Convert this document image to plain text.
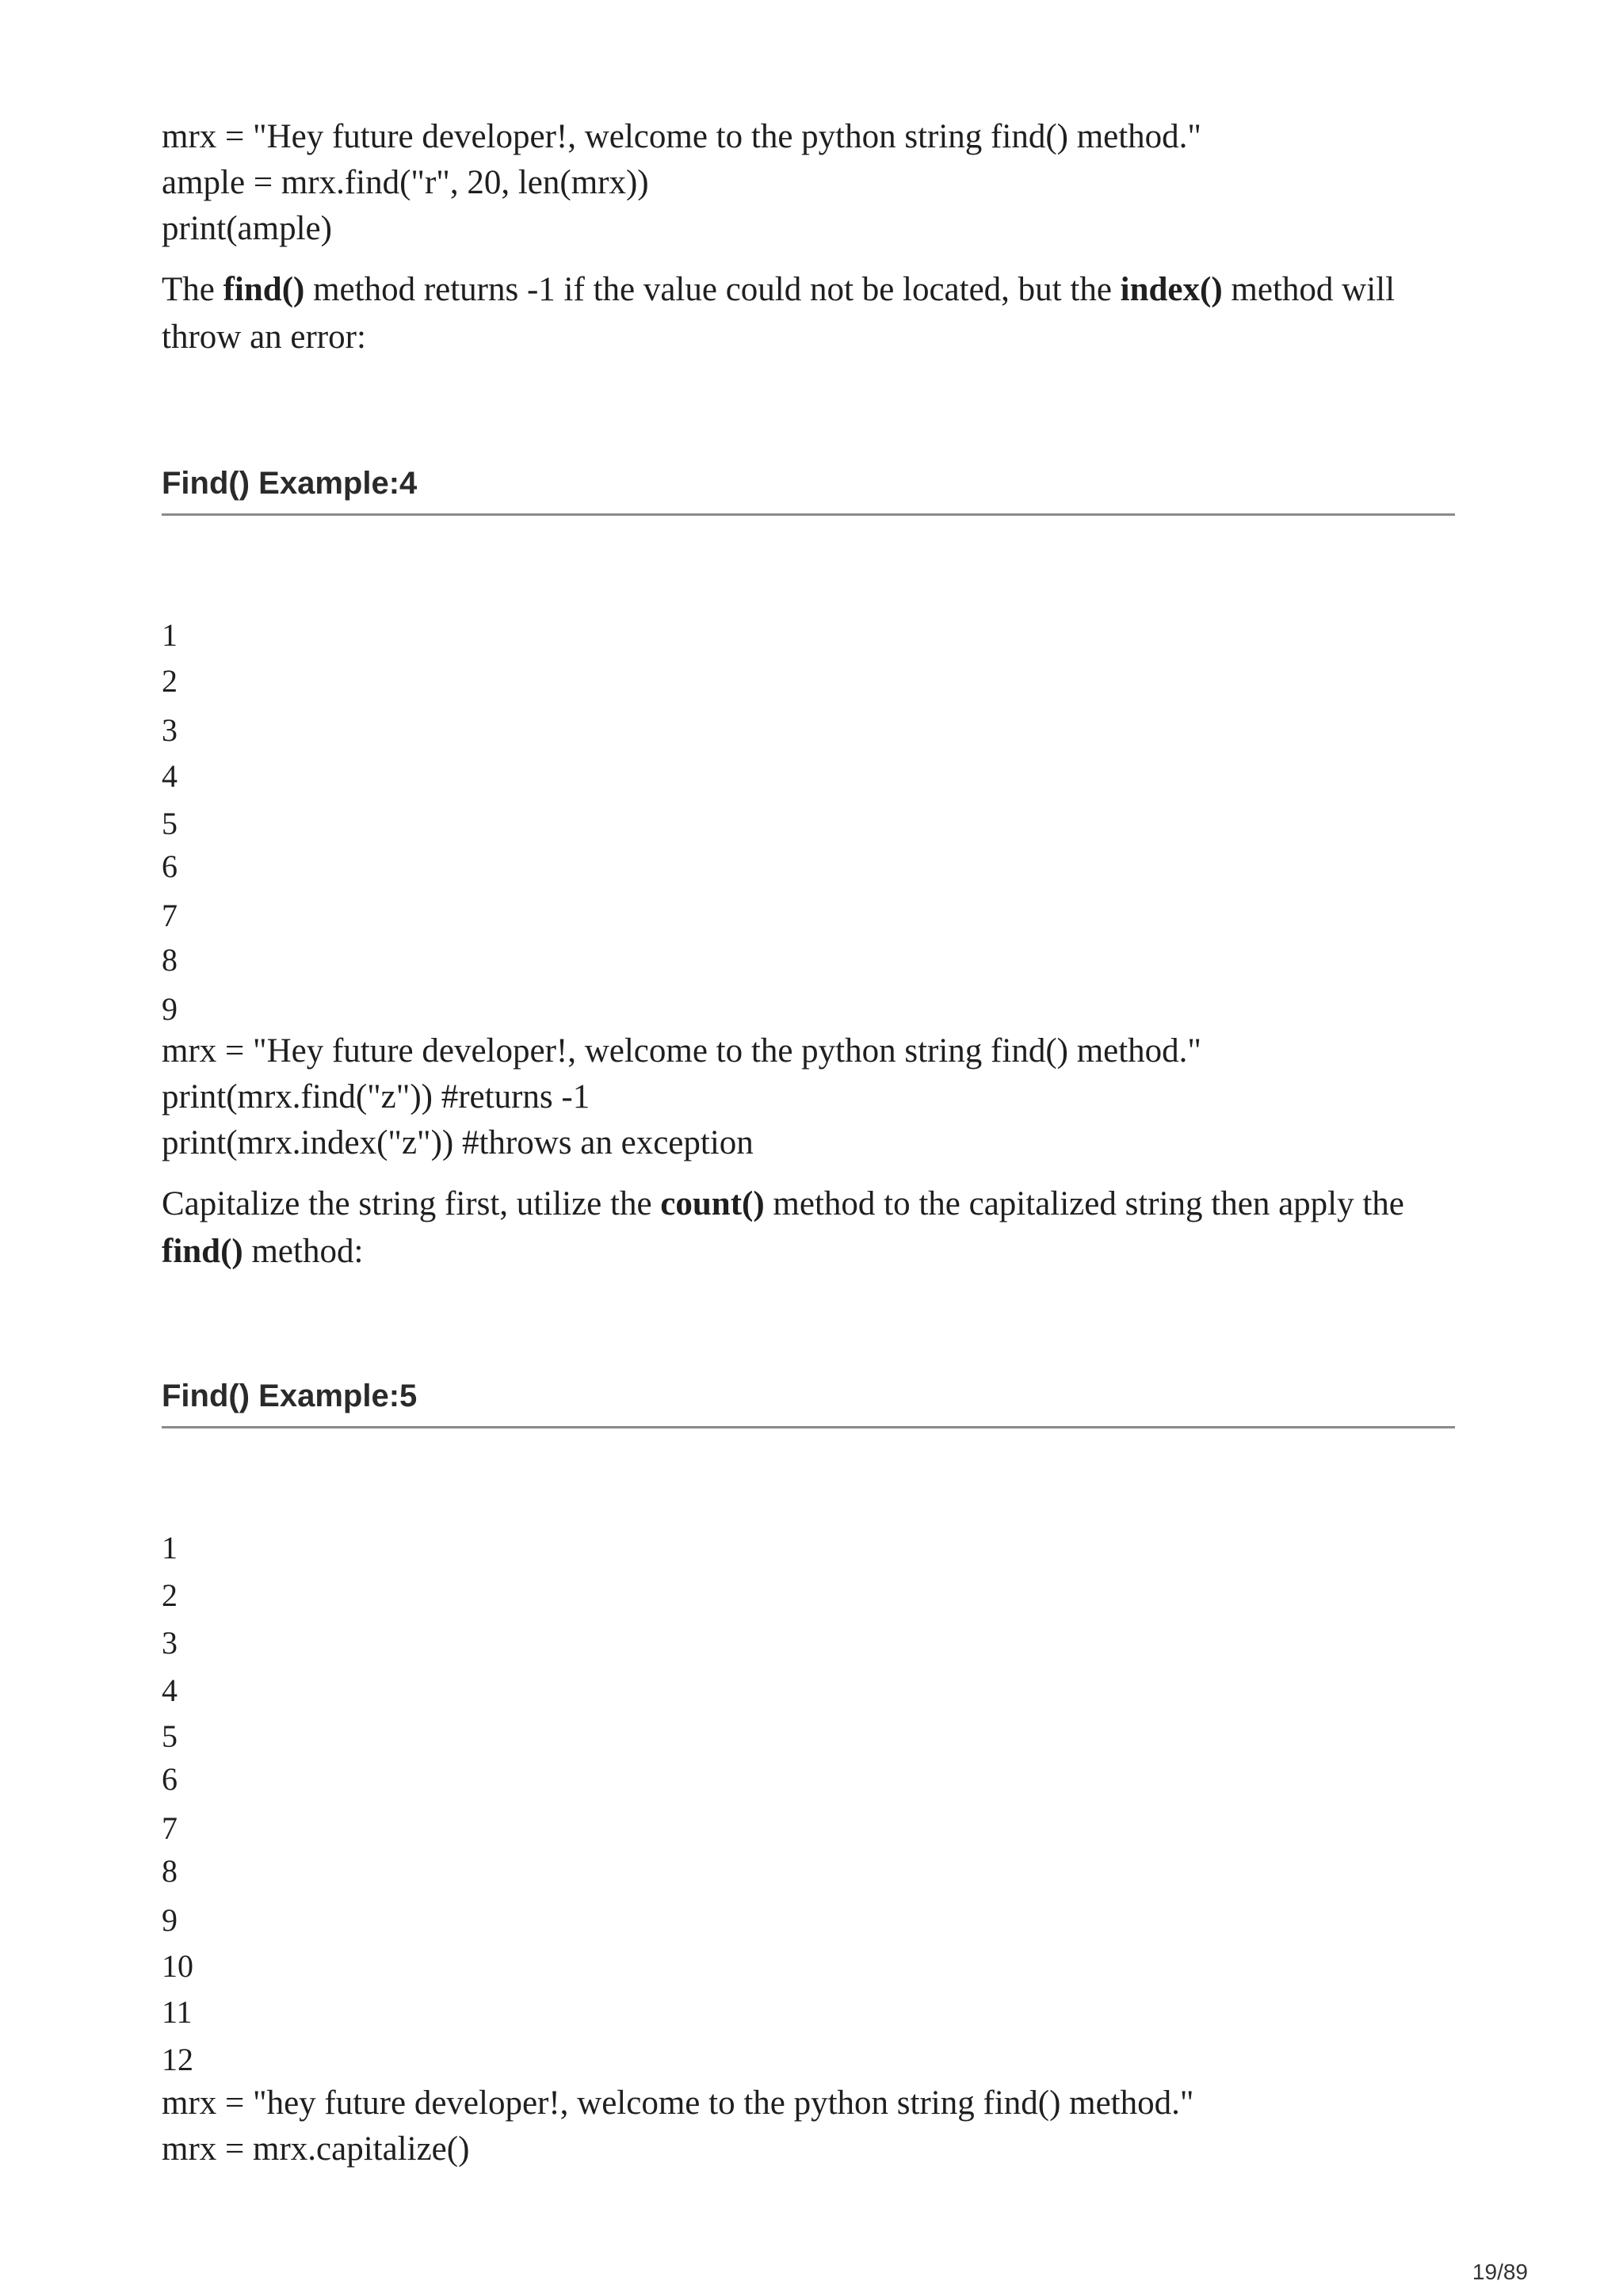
mrx = "Hey future developer!, welcome to the python string find() method."
ample = mrx.find("r", 20, len(mrx))
print(ample)
The find() method returns -1 if the value could not be located, but the index() method will throw an error:
Find() Example:4
1
2
3
4
5
6
7
8
9
mrx = "Hey future developer!, welcome to the python string find() method."
print(mrx.find("z")) #returns -1
print(mrx.index("z")) #throws an exception
Capitalize the string first, utilize the count() method to the capitalized string then apply the find() method:
Find() Example:5
1
2
3
4
5
6
7
8
9
10
11
12
mrx = "hey future developer!, welcome to the python string find() method."
mrx = mrx.capitalize()
19/89
